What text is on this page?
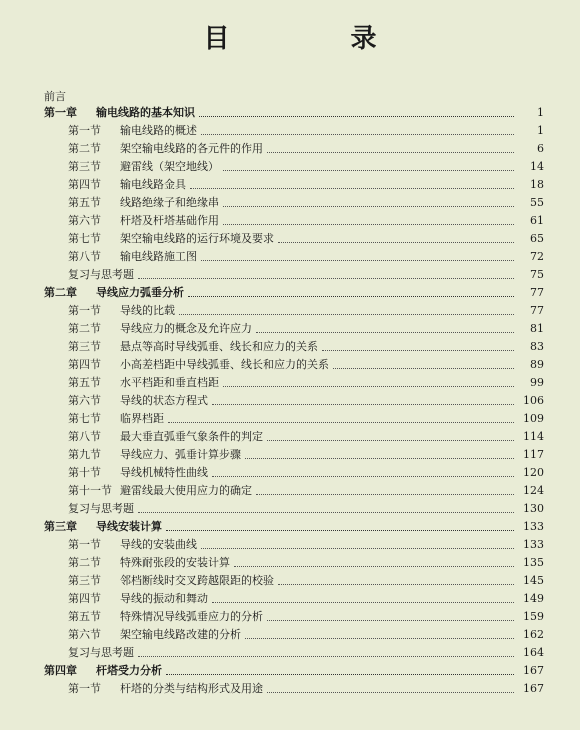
目 录
前言
第一章	输电线路的基本知识	1
第一节	输电线路的概述	1
第二节	架空输电线路的各元件的作用	6
第三节	避雷线（架空地线）	14
第四节	输电线路金具	18
第五节	线路绝缘子和绝缘串	55
第六节	杆塔及杆塔基础作用	61
第七节	架空输电线路的运行环境及要求	65
第八节	输电线路施工图	72
复习与思考题	75
第二章	导线应力弧垂分析	77
第一节	导线的比载	77
第二节	导线应力的概念及允许应力	81
第三节	悬点等高时导线弧垂、线长和应力的关系	83
第四节	小高差档距中导线弧垂、线长和应力的关系	89
第五节	水平档距和垂直档距	99
第六节	导线的状态方程式	106
第七节	临界档距	109
第八节	最大垂直弧垂气象条件的判定	114
第九节	导线应力、弧垂计算步骤	117
第十节	导线机械特性曲线	120
第十一节 避雷线最大使用应力的确定	124
复习与思考题	130
第三章	导线安装计算	133
第一节	导线的安装曲线	133
第二节	特殊耐张段的安装计算	135
第三节	邻档断线时交叉跨越限距的校验	145
第四节	导线的振动和舞动	149
第五节	特殊情况导线弧垂应力的分析	159
第六节	架空输电线路改建的分析	162
复习与思考题	164
第四章	杆塔受力分析	167
第一节	杆塔的分类与结构形式及用途	167
